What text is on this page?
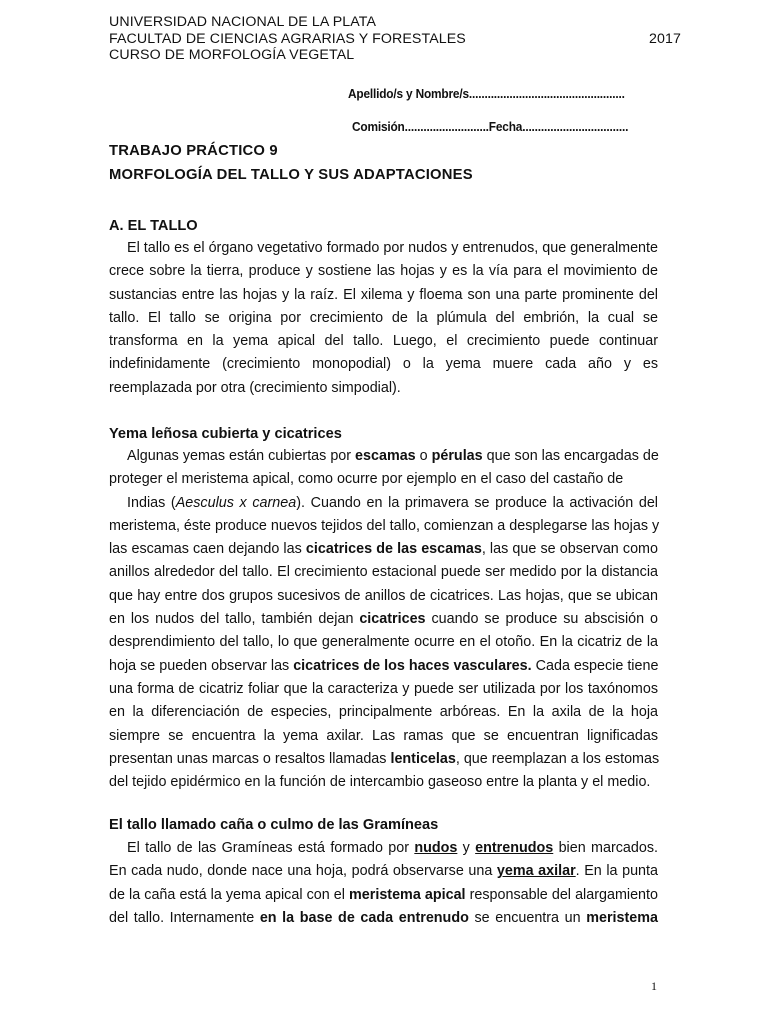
UNIVERSIDAD NACIONAL DE LA PLATA
FACULTAD DE CIENCIAS AGRARIAS Y FORESTALES	2017
CURSO DE MORFOLOGÍA VEGETAL
Apellido/s y Nombre/s..................................................
Comisión...........................Fecha..................................
TRABAJO PRÁCTICO 9
MORFOLOGÍA DEL TALLO Y SUS ADAPTACIONES
A. EL TALLO
El tallo es el órgano vegetativo formado por nudos y entrenudos, que generalmente
crece sobre la tierra, produce y sostiene las hojas y es la vía para el movimiento de
sustancias entre las hojas y la raíz. El xilema y floema son una parte prominente del
tallo. El tallo se origina por crecimiento de la plúmula del embrión, la cual se
transforma en la yema apical del tallo. Luego, el crecimiento puede continuar
indefinidamente (crecimiento monopodial) o la yema muere cada año y es
reemplazada por otra (crecimiento simpodial).
Yema leñosa cubierta y cicatrices
Algunas yemas están cubiertas por escamas o pérulas que son las encargadas de
proteger el meristema apical, como ocurre por ejemplo en el caso del castaño de
Indias (Aesculus x carnea). Cuando en la primavera se produce la activación del
meristema, éste produce nuevos tejidos del tallo, comienzan a desplegarse las hojas y
las escamas caen dejando las cicatrices de las escamas, las que se observan como
anillos alrededor del tallo. El crecimiento estacional puede ser medido por la distancia
que hay entre dos grupos sucesivos de anillos de cicatrices. Las hojas, que se ubican
en los nudos del tallo, también dejan cicatrices cuando se produce su abscisión o
desprendimiento del tallo, lo que generalmente ocurre en el otoño. En la cicatriz de la
hoja se pueden observar las cicatrices de los haces vasculares. Cada especie tiene
una forma de cicatriz foliar que la caracteriza y puede ser utilizada por los taxónomos
en la diferenciación de especies, principalmente arbóreas. En la axila de la hoja
siempre se encuentra la yema axilar. Las ramas que se encuentran lignificadas
presentan unas marcas o resaltos llamadas lenticelas, que reemplazan a los estomas
del tejido epidérmico en la función de intercambio gaseoso entre la planta y el medio.
El tallo llamado caña o culmo de las Gramíneas
El tallo de las Gramíneas está formado por nudos y entrenudos bien marcados.
En cada nudo, donde nace una hoja, podrá observarse una yema axilar. En la punta
de la caña está la yema apical con el meristema apical responsable del alargamiento
del tallo. Internamente en la base de cada entrenudo se encuentra un meristema
1
